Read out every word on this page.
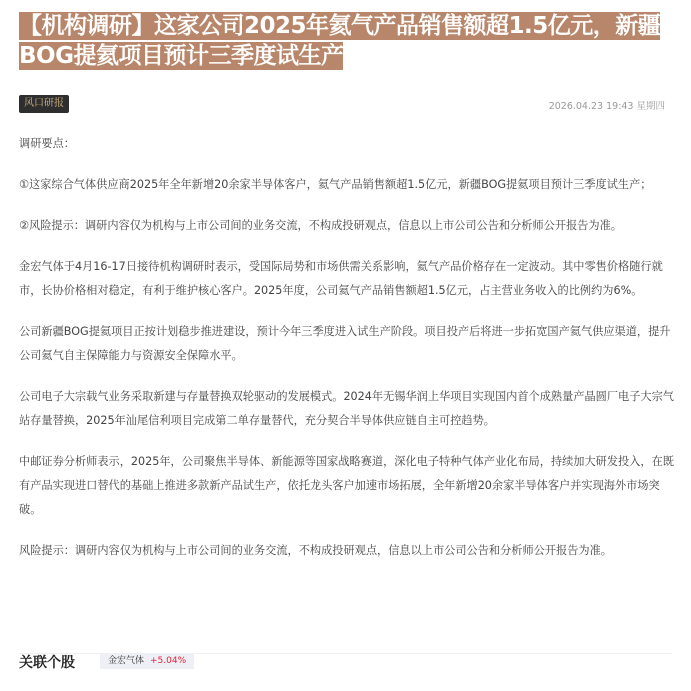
【机构调研】这家公司2025年氦气产品销售额超1.5亿元，新疆BOG提氦项目预计三季度试生产
风口研报	2026.04.23 19:43 星期四

调研要点：

①这家综合气体供应商2025年全年新增20余家半导体客户，氦气产品销售额超1.5亿元，新疆BOG提氦项目预计三季度试生产；

②风险提示：调研内容仅为机构与上市公司间的业务交流，不构成投研观点，信息以上市公司公告和分析师公开报告为准。

金宏气体于4月16-17日接待机构调研时表示，受国际局势和市场供需关系影响，氦气产品价格存在一定波动。其中零售价格随行就市，长协价格相对稳定，有利于维护核心客户。2025年度，公司氦气产品销售额超1.5亿元，占主营业务收入的比例约为6%。

公司新疆BOG提氦项目正按计划稳步推进建设，预计今年三季度进入试生产阶段。项目投产后将进一步拓宽国产氦气供应渠道，提升公司氦气自主保障能力与资源安全保障水平。

公司电子大宗载气业务采取新建与存量替换双轮驱动的发展模式。2024年无锡华润上华项目实现国内首个成熟量产晶圆厂电子大宗气站存量替换，2025年汕尾信利项目完成第二单存量替代，充分契合半导体供应链自主可控趋势。

中邮证券分析师表示，2025年，公司聚焦半导体、新能源等国家战略赛道，深化电子特种气体产业化布局，持续加大研发投入，在既有产品实现进口替代的基础上推进多款新产品试生产，依托龙头客户加速市场拓展，全年新增20余家半导体客户并实现海外市场突破。

风险提示：调研内容仅为机构与上市公司间的业务交流，不构成投研观点，信息以上市公司公告和分析师公开报告为准。

关联个股	金宏气体 +5.04%
